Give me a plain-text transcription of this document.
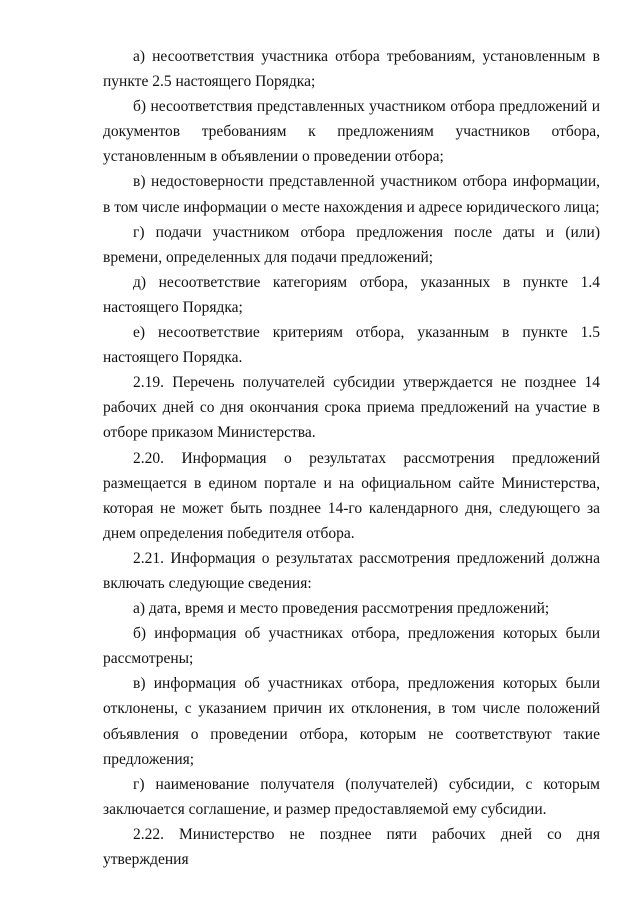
а) несоответствия участника отбора требованиям, установленным в пункте 2.5 настоящего Порядка;

б) несоответствия представленных участником отбора предложений и документов требованиям к предложениям участников отбора, установленным в объявлении о проведении отбора;

в) недостоверности представленной участником отбора информации, в том числе информации о месте нахождения и адресе юридического лица;

г) подачи участником отбора предложения после даты и (или) времени, определенных для подачи предложений;

д) несоответствие категориям отбора, указанных в пункте 1.4 настоящего Порядка;

е) несоответствие критериям отбора, указанным в пункте 1.5 настоящего Порядка.

2.19. Перечень получателей субсидии утверждается не позднее 14 рабочих дней со дня окончания срока приема предложений на участие в отборе приказом Министерства.

2.20. Информация о результатах рассмотрения предложений размещается в едином портале и на официальном сайте Министерства, которая не может быть позднее 14-го календарного дня, следующего за днем определения победителя отбора.

2.21. Информация о результатах рассмотрения предложений должна включать следующие сведения:

а) дата, время и место проведения рассмотрения предложений;

б) информация об участниках отбора, предложения которых были рассмотрены;

в) информация об участниках отбора, предложения которых были отклонены, с указанием причин их отклонения, в том числе положений объявления о проведении отбора, которым не соответствуют такие предложения;

г) наименование получателя (получателей) субсидии, с которым заключается соглашение, и размер предоставляемой ему субсидии.

2.22. Министерство не позднее пяти рабочих дней со дня утверждения
